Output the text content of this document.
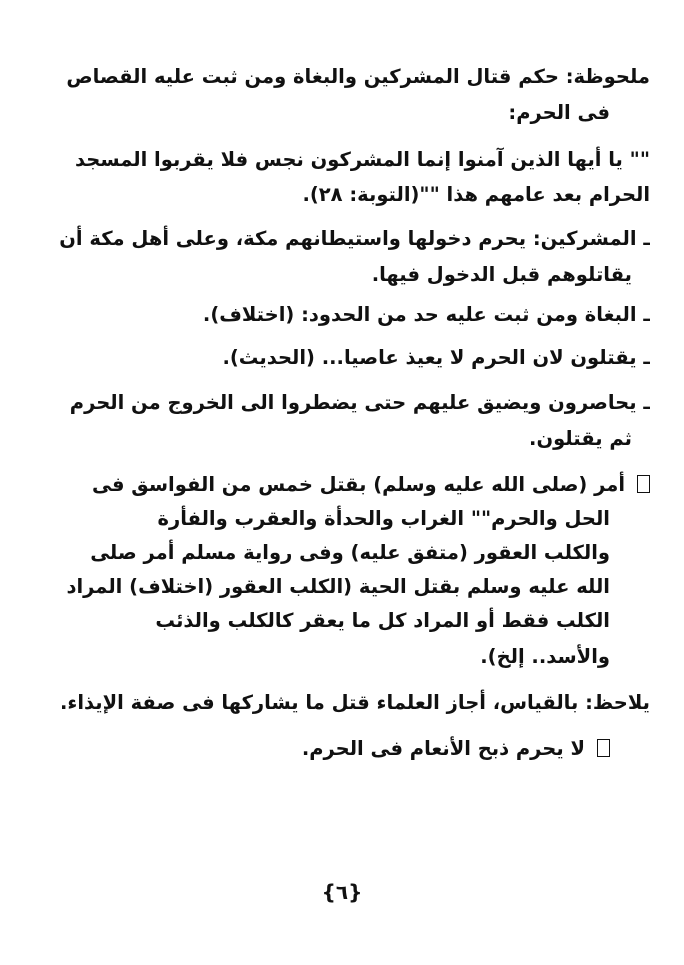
ملحوظة: حكم قتال المشركين والبغاة ومن ثبت عليه القصاص
فى الحرم:
"" يا أيها الذين آمنوا إنما المشركون نجس فلا يقربوا المسجد
الحرام بعد عامهم هذا ""(التوبة: ٢٨).
ـ المشركين: يحرم دخولها واستيطانهم مكة، وعلى أهل مكة أن
يقاتلوهم قبل الدخول فيها.
ـ البغاة ومن ثبت عليه حد من الحدود: (اختلاف).
ـ يقتلون لان الحرم لا يعيذ عاصيا... (الحديث).
ـ يحاصرون ويضيق عليهم حتى يضطروا الى الخروج من الحرم
ثم يقتلون.
أمر (صلى الله عليه وسلم) بقتل خمس من الفواسق فى
الحل والحرم"" الغراب والحدأة والعقرب والفأرة
والكلب العقور (متفق عليه) وفى رواية مسلم أمر صلى
الله عليه وسلم بقتل الحية (الكلب العقور (اختلاف) المراد
الكلب فقط أو المراد كل ما يعقر كالكلب والذئب
والأسد.. إلخ).
يلاحظ: بالقياس، أجاز العلماء قتل ما يشاركها فى صفة الإيذاء.
لا يحرم ذبح الأنعام فى الحرم.
{٦}
